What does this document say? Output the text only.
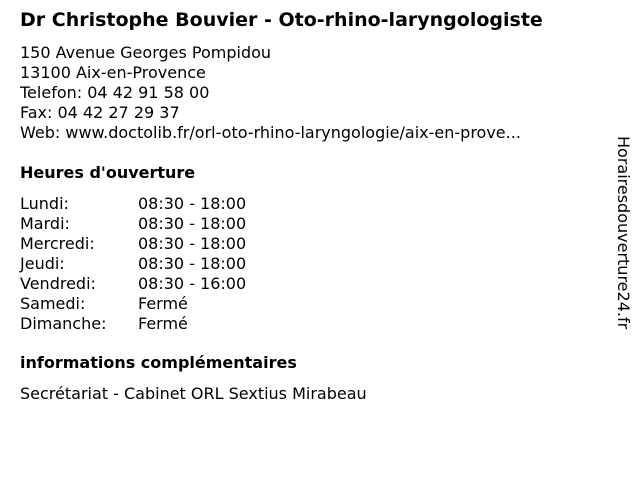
Dr Christophe Bouvier - Oto-rhino-laryngologiste
150 Avenue Georges Pompidou
13100 Aix-en-Provence
Telefon: 04 42 91 58 00
Fax: 04 42 27 29 37
Web: www.doctolib.fr/orl-oto-rhino-laryngologie/aix-en-prove...
Heures d'ouverture
Lundi:	08:30 - 18:00
Mardi:	08:30 - 18:00
Mercredi:	08:30 - 18:00
Jeudi:	08:30 - 18:00
Vendredi:	08:30 - 16:00
Samedi:	Fermé
Dimanche: Fermé
informations complémentaires
Secrétariat - Cabinet ORL Sextius Mirabeau
Horairesdouverture24.fr
